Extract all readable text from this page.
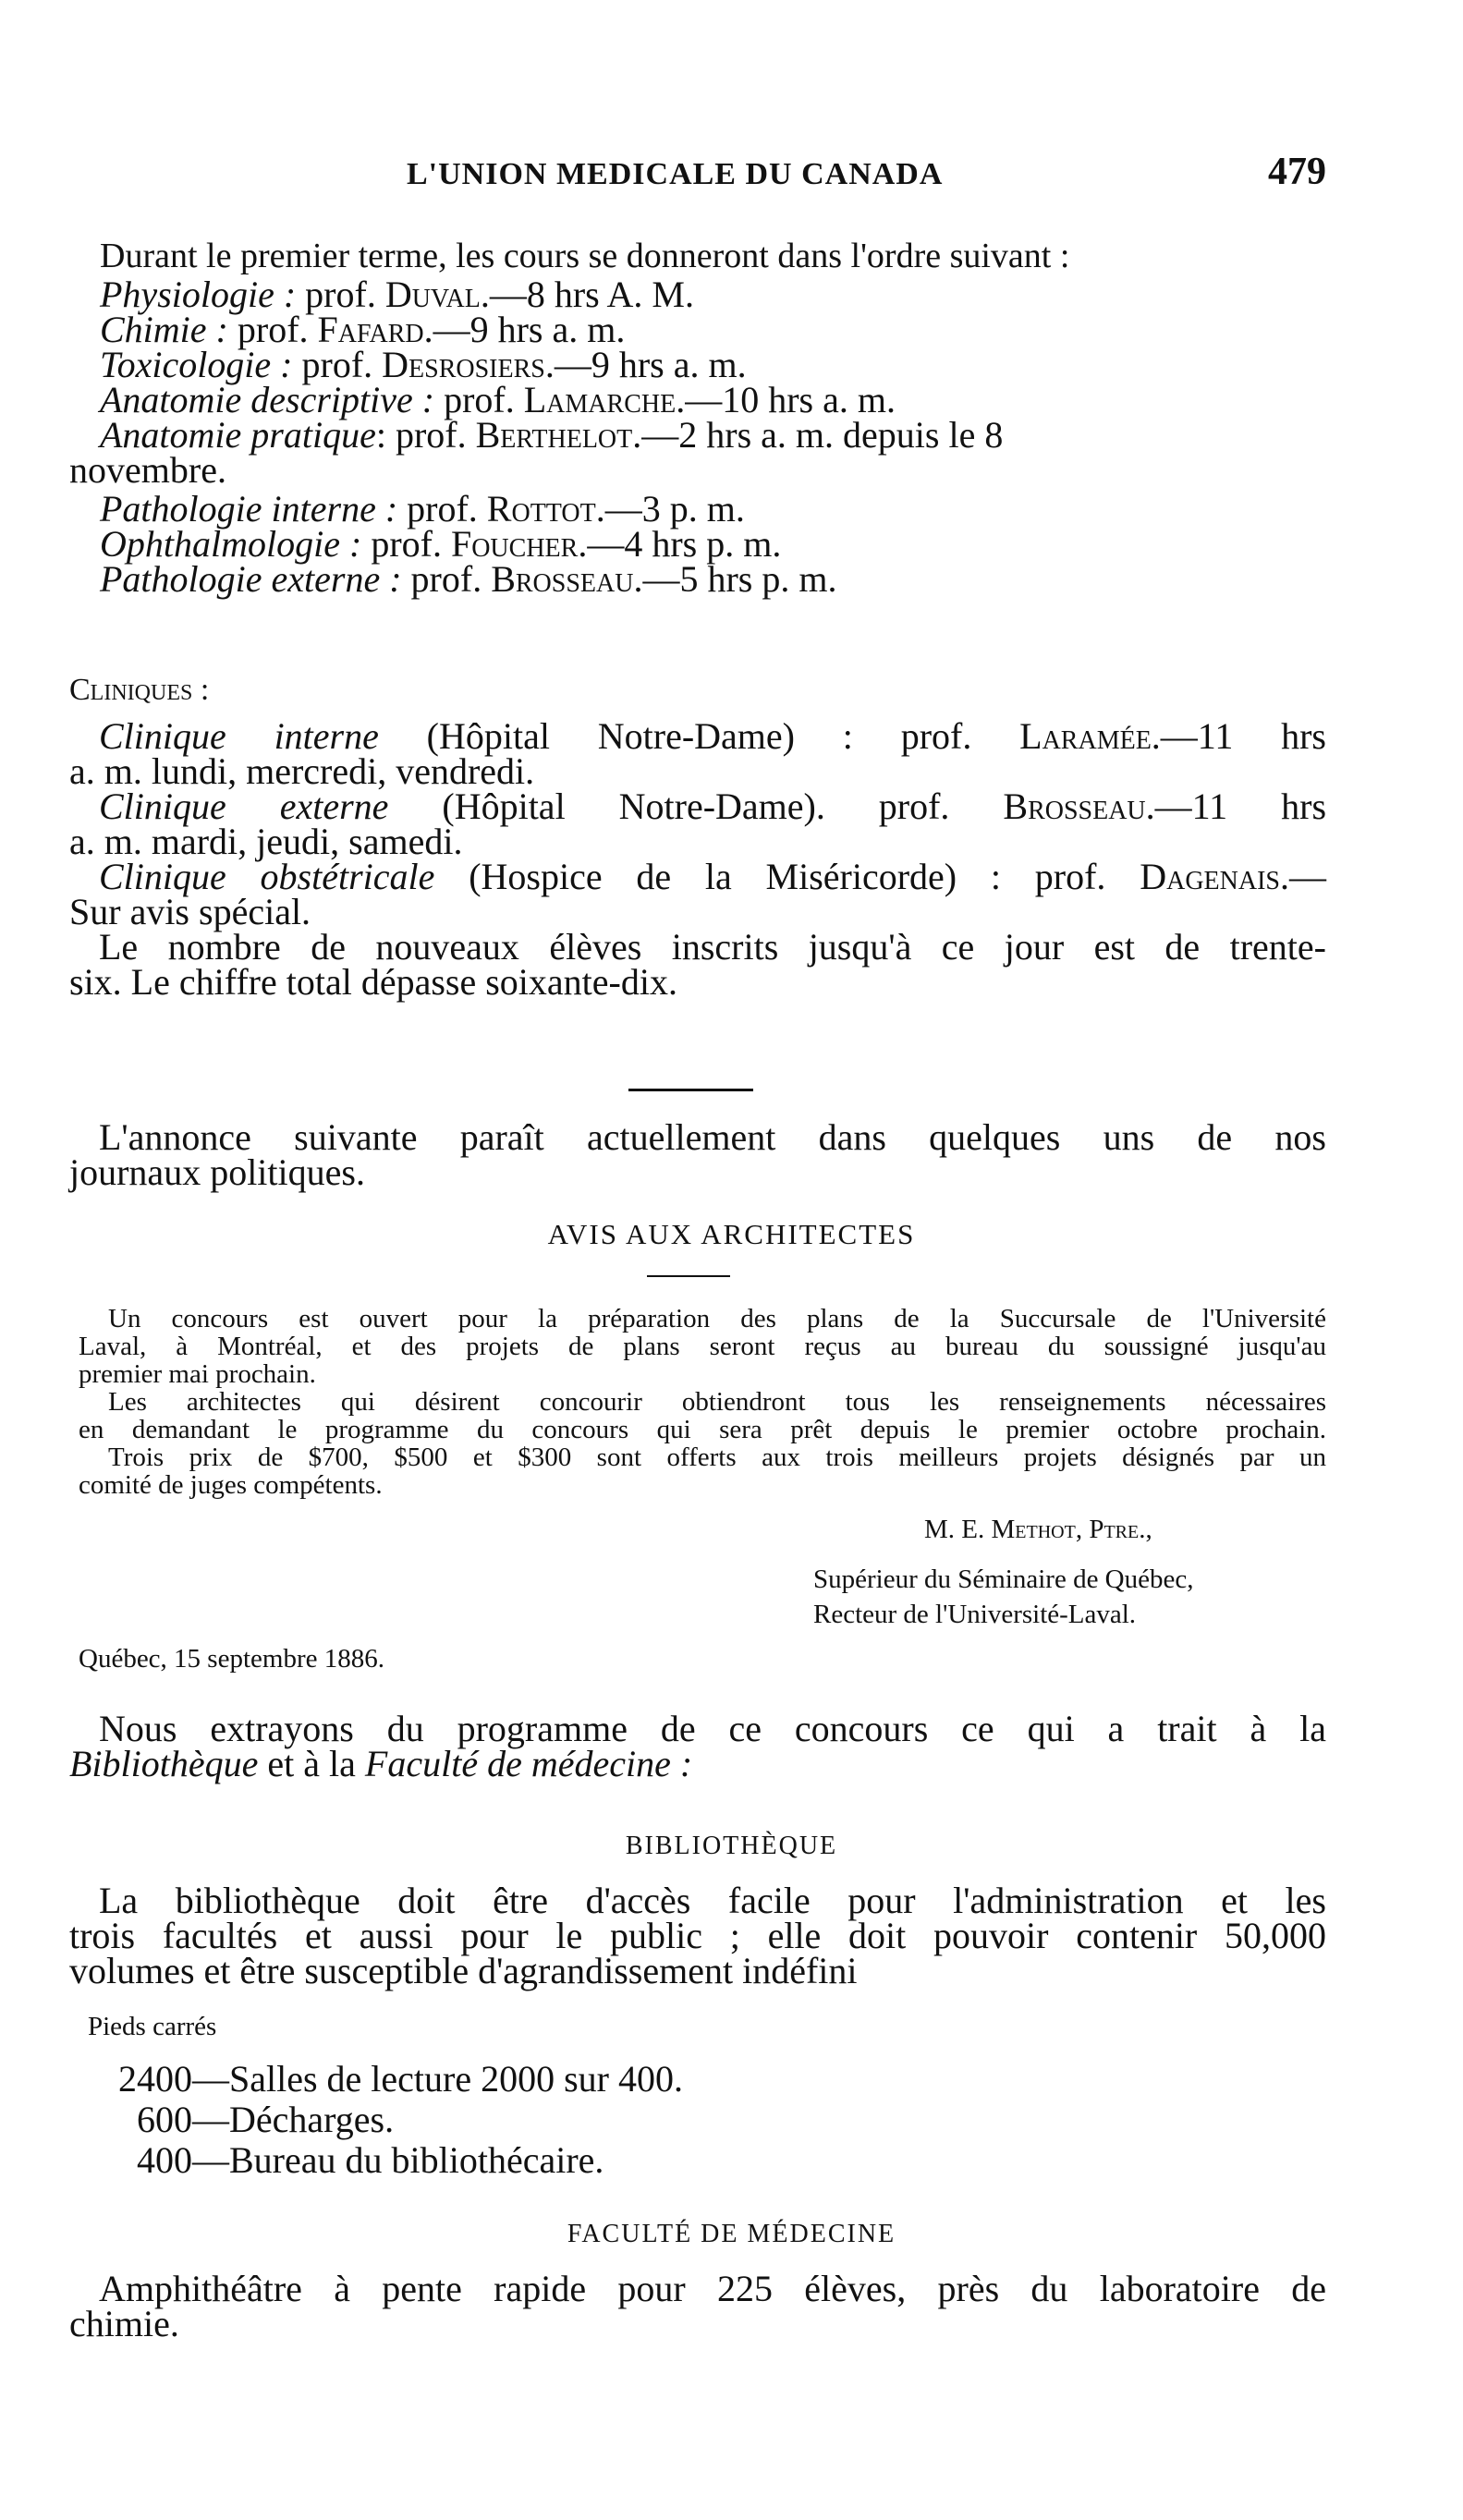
L'UNION MEDICALE DU CANADA	479
Durant le premier terme, les cours se donneront dans l'ordre suivant :
Physiologie : prof. Duval.—8 hrs A. M.
Chimie : prof. Fafard.—9 hrs a. m.
Toxicologie : prof. Desrosiers.—9 hrs a. m.
Anatomie descriptive : prof. Lamarche.—10 hrs a. m.
Anatomie pratique: prof. Berthelot.—2 hrs a. m. depuis le 8
novembre.
Pathologie interne : prof. Rottot.—3 p. m.
Ophthalmologie : prof. Foucher.—4 hrs p. m.
Pathologie externe : prof. Brosseau.—5 hrs p. m.
Cliniques :
Clinique interne (Hôpital Notre-Dame) : prof. Laramée.—11 hrs
a. m. lundi, mercredi, vendredi.
Clinique externe (Hôpital Notre-Dame). prof. Brosseau.—11 hrs
a. m. mardi, jeudi, samedi.
Clinique obstétricale (Hospice de la Miséricorde) : prof. Dagenais.—
Sur avis spécial.
Le nombre de nouveaux élèves inscrits jusqu'à ce jour est de trente-
six. Le chiffre total dépasse soixante-dix.
L'annonce suivante paraît actuellement dans quelques uns de nos
journaux politiques.
AVIS AUX ARCHITECTES
Un concours est ouvert pour la préparation des plans de la Succursale de l'Université
Laval, à Montréal, et des projets de plans seront reçus au bureau du soussigné jusqu'au
premier mai prochain.
Les architectes qui désirent concourir obtiendront tous les renseignements nécessaires
en demandant le programme du concours qui sera prêt depuis le premier octobre prochain.
Trois prix de $700, $500 et $300 sont offerts aux trois meilleurs projets désignés par un
comité de juges compétents.
M. E. Methot, Ptre.,
Supérieur du Séminaire de Québec,
Recteur de l'Université-Laval.
Québec, 15 septembre 1886.
Nous extrayons du programme de ce concours ce qui a trait à la
Bibliothèque et à la Faculté de médecine :
BIBLIOTHÈQUE
La bibliothèque doit être d'accès facile pour l'administration et les
trois facultés et aussi pour le public ; elle doit pouvoir contenir 50,000
volumes et être susceptible d'agrandissement indéfini
Pieds carrés
2400—Salles de lecture 2000 sur 400.
600—Décharges.
400—Bureau du bibliothécaire.
FACULTÉ DE MÉDECINE
Amphithéâtre à pente rapide pour 225 élèves, près du laboratoire de
chimie.
